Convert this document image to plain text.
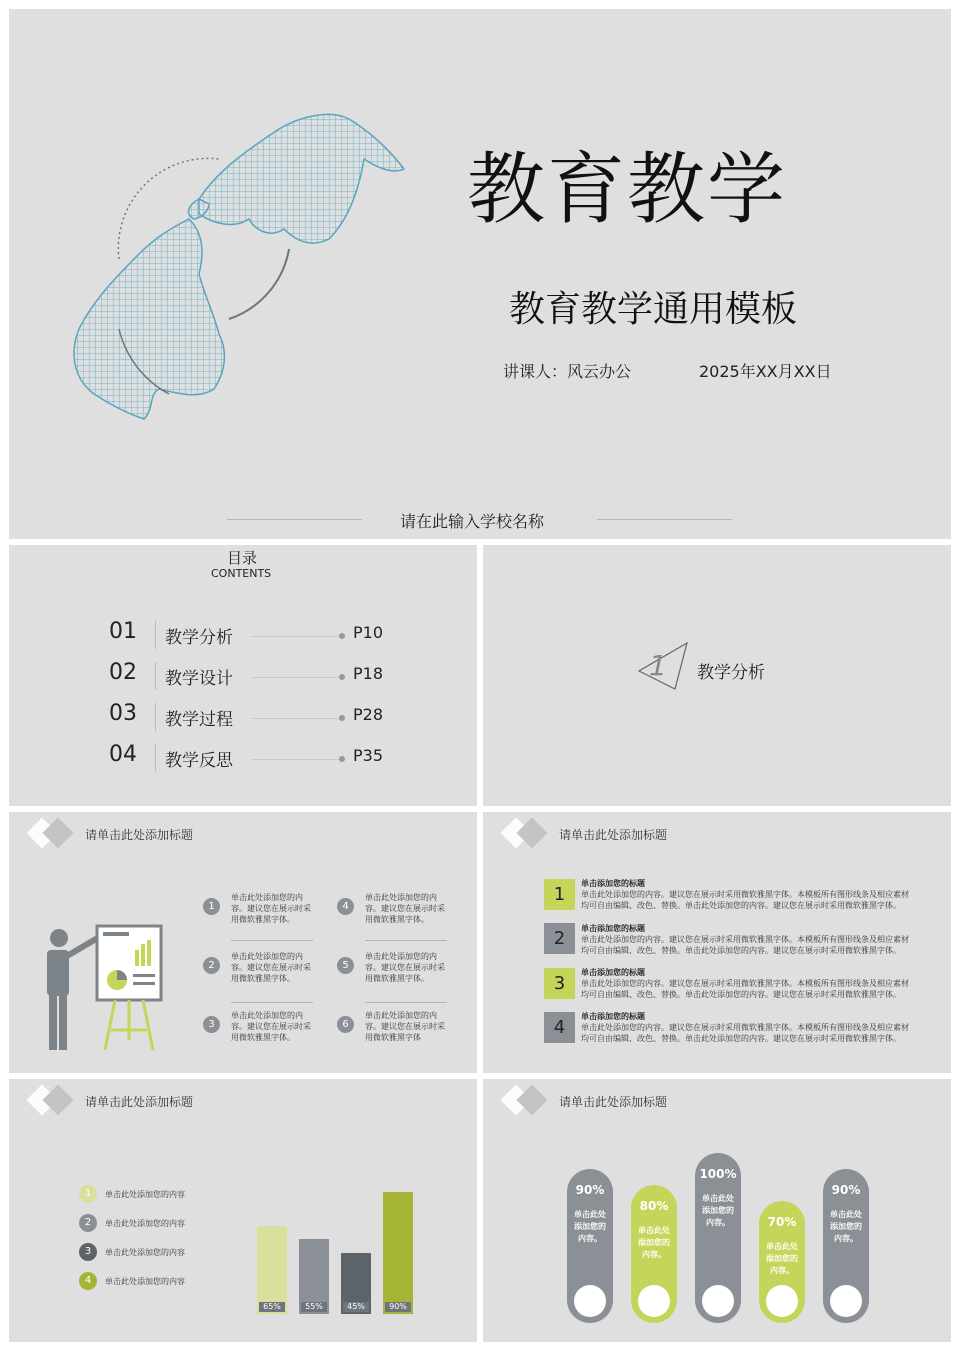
教育教学
教育教学通用模板
讲课人：风云办公	2025年XX月XX日
请在此输入学校名称
目录
CONTENTS
01 教学分析	P10
02 教学设计	P18
03 教学过程	P28
04 教学反思	P35
1 教学分析
请单击此处添加标题
1
单击此处添加您的内容。建议您在展示时采用微软雅黑字体。
4
单击此处添加您的内容。建议您在展示时采用微软雅黑字体。
2
单击此处添加您的内容。建议您在展示时采用微软雅黑字体。
5
单击此处添加您的内容。建议您在展示时采用微软雅黑字体。
3
单击此处添加您的内容。建议您在展示时采用微软雅黑字体。
6
单击此处添加您的内容。建议您在展示时采用微软雅黑字体
请单击此处添加标题
1
单击添加您的标题
单击此处添加您的内容。建议您在展示时采用微软雅黑字体。本模板所有图形线条及相应素材均可自由编辑、改色、替换。单击此处添加您的内容。建议您在展示时采用微软雅黑字体。
2	单击添加您的标题
单击此处添加您的内容。建议您在展示时采用微软雅黑字体。本模板所有图形线条及相应素材均可自由编辑、改色、替换。单击此处添加您的内容。建议您在展示时采用微软雅黑字体。
3
单击添加您的标题
单击此处添加您的内容。建议您在展示时采用微软雅黑字体。本模板所有图形线条及相应素材均可自由编辑、改色、替换。单击此处添加您的内容。建议您在展示时采用微软雅黑字体。
4
单击添加您的标题
单击此处添加您的内容。建议您在展示时采用微软雅黑字体。本模板所有图形线条及相应素材均可自由编辑、改色、替换。单击此处添加您的内容。建议您在展示时采用微软雅黑字体。
请单击此处添加标题
1	单击此处添加您的内容
2	单击此处添加您的内容
3	单击此处添加您的内容
4	单击此处添加您的内容
65%	55%	45%	90%
请单击此处添加标题
90%
单击此处添加您的内容。
80%
单击此处添加您的内容。
100%
单击此处添加您的内容。	70%
单击此处添加您的内容。
90%
单击此处添加您的内容。
